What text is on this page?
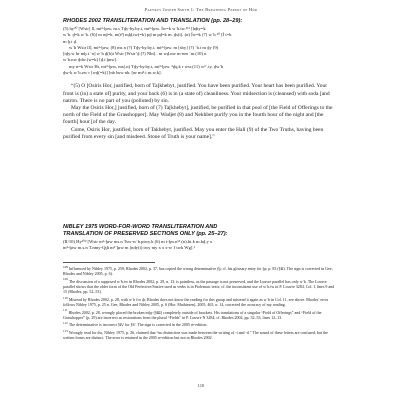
Papyrus Joseph Smith 1: The Breathing Permit of Hôr
RHODES 2002 TRANSLITERATION AND TRANSLATION (pp. 28–29):
(5) hy³⁰ [Wsir] ll, mt³-ḫrw, m.s Tḏy-by.by.t, mt³-ḫrw. Ïw=k wʿb.tw.³¹¹ [ḥḏty=k
wʿb. ḏ=k wʿb. (6)] m nḏ=k, m(t³) nḏḏ.tw(=k) pḏ m pḏ=k m. ḏs(t). (n) Ïw=k (7) wʿb ³⁰ [Ï t=k
m ḫ.t ḏ.
wʿb Wsir ll], mt³-ḫrw, (8) ms n (?) Tḏy-by.by.t, mt³-ḫrw. m [sby] (?) ʿb.t m ḏy (9)
[tḏy.w hr mḫ.t ʿn] wʿb ḏ(h)t Wsir [Wsir’ḏ (?) Nbt].. m wḏ.nw m-nm ʿm.(10) n
wʿb.nw ḏdw.(w=k) [ḏ.t ḫnw].
my n=k Wsir Hr, mt³-ḫrw, ms(.n) Tḏy-by.by.t, mt³-ḫrw. ³ḏq.k r wsr.(11) w³ʿ.ty, ḏwʿb
ḏw-k wʿb.zw r [wḏ(=k)] [nb bsw nb. [nr mt³.t m.w.k].

“(5) O [Osiris Hor, justified, born of Ta]khebyt, justified. You have been purified. Your heart has been purified. Your front is (in) a state of] purity, and your back (6) is in (a state of) cleanliness. Your midsection is (cleansed) with soda [and natron. There is no part of you (polluted) by sin.

May the Osiris Hor,] justified, born of (7) Ta[khebyt], justified, be purified in that pool of [the Field of Offerings to the north of the Field of the Grasshopper]. May Wadjet (8) and Nekhbet purify you in the fourth hour of the night and [the fourth] hour [of the day.

Come, Osiris Hor, justified, born of Takhebyt, justified. May you enter the Hall (9) of the Two Truths, having been purified from every sin [and misdeed. Stone of Truth is your name].”

NIBLEY 1975 WORD-FOR-WORD TRANSLITERATION AND
TRANSLATION OF PRESERVED SECTIONS ONLY (pp. 25–27):
(II/10) Hy¹⁰³ [Wsir m³-ḫrw ms.n Tsw-wʿb.ptwy.k (6) m t-ḫw.n¹¹ (n).bi.k m.bḏ.y x
m³-ḫrw m.s.n T.nmy-Qḏi m³ʿḫrw m [ndy(t) twy nty x x s-wʿf twk Wg].¹
$^{108}$Influenced by Nibley 1975, p. 259; Rhodes 2002, p. 37, has copied the wrong determinative (ḫ; cf. his glossary entry for ḫy, p. 83 (§Ⅱ). The sign is corrected in Gee, Rhodes and Nibley 2005, p. 6).
$^{109}$The discussion of a supposed wʿb.tw in Rhodes 2002, p. 29, n. 13, is pointless, as the passage is not preserved, and the Louvre parallel has only wʿb. The Louvre parallel shows that the older form of the Old Perfective/Stative used as verbs is in Ptolemaic texts; cf. the inconsistent use of wʿb.tw in P. Louvre 3284, Col. I, lines 9 and 15 (Rhodes, pp. 52–53).
$^{110}$Misread by Rhodes 2002, p. 28, with wʿb for ḏr. Rhodes does not know the reading for this group and misread it again as wʿb in Col. 11, see above. Rhodes’ error follows Nibley 1975, p. 25 n. Gee, Rhodes and Nibley 2005, p. 6 (Hor. Mathiesen). 2005, 465, n. 14, corrected the accuracy of my reading.
$^{111}$Rhodes 2002, p. 28, wrongly placed the broken mḫy (§Ⅲ) completely outside of brackets. His translations of a singular “Field of Offerings” and “Field of the Grasshopper” (p. 29) are incorrect as restorations from the plural “Fields” in P. Louvre N 3284, cf. Rhodes 2002, pp. 52–53, lines 12–13.
$^{112}$The determinative is incorrect §Ⅳ for §Ⅴ. The sign is corrected in the 2005 re-edition.
$^{113}$Wrongly read for dw, Nibley 1975, p. 26, claimed that “no distinction was made between the writing of -t and -d.” The sound of these letters are confused, but the written forms are distinct. The error is retained in the 2005 re-edition but not in Rhodes 2002.
110
